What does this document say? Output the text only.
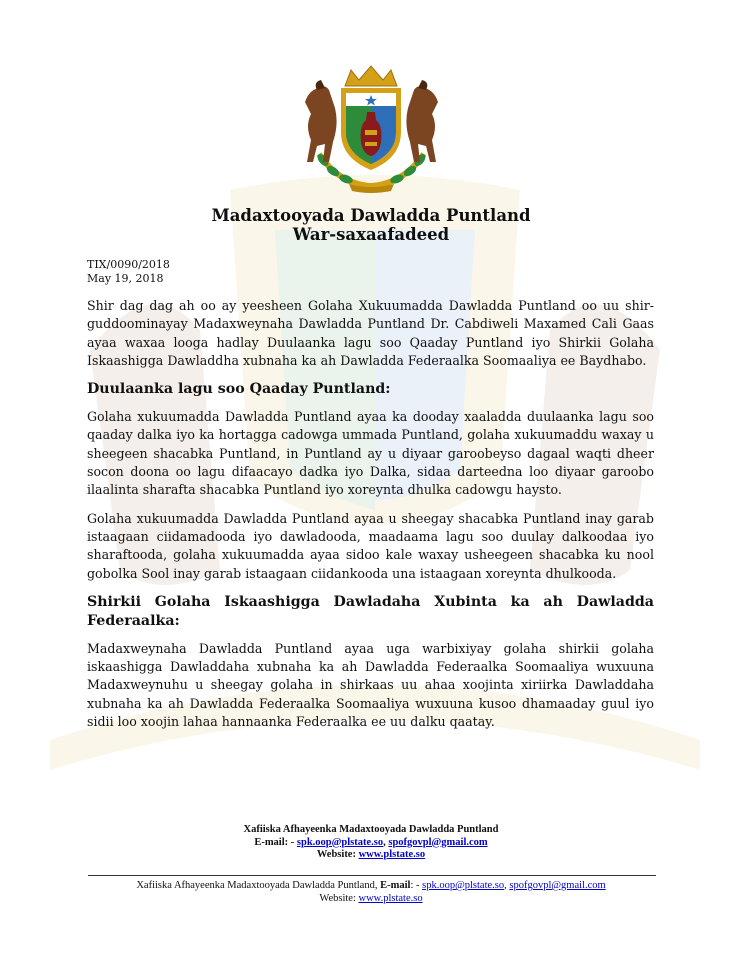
Madaxtooyada Dawladda Puntland
War-saxaafadeed
TIX/0090/2018
May 19, 2018

Shir dag dag ah oo ay yeesheen Golaha Xukuumadda Dawladda Puntland oo uu shir-guddoominayay Madaxweynaha Dawladda Puntland Dr. Cabdiweli Maxamed Cali Gaas ayaa waxaa looga hadlay Duulaanka lagu soo Qaaday Puntland iyo Shirkii Golaha Iskaashigga Dawladdha xubnaha ka ah Dawladda Federaalka Soomaaliya ee Baydhabo.

Duulaanka lagu soo Qaaday Puntland:

Golaha xukuumadda Dawladda Puntland ayaa ka dooday xaaladda duulaanka lagu soo qaaday dalka iyo ka hortagga cadowga ummada Puntland, golaha xukuumaddu waxay u sheegeen shacabka Puntland, in Puntland ay u diyaar garoobeyso dagaal waqti dheer socon doona oo lagu difaacayo dadka iyo Dalka, sidaa darteedna loo diyaar garoobo ilaalinta sharafta shacabka Puntland iyo xoreynta dhulka cadowgu haysto.

Golaha xukuumadda Dawladda Puntland ayaa u sheegay shacabka Puntland inay garab istaagaan ciidamadooda iyo dawladooda, maadaama lagu soo duulay dalkoodaa iyo sharaftooda, golaha xukuumadda ayaa sidoo kale waxay usheegeen shacabka ku nool gobolka Sool inay garab istaagaan ciidankooda una istaagaan xoreynta dhulkooda.

Shirkii Golaha Iskaashigga Dawladaha Xubinta ka ah Dawladda Federaalka:

Madaxweynaha Dawladda Puntland ayaa uga warbixiyay golaha shirkii golaha iskaashigga Dawladdaha xubnaha ka ah Dawladda Federaalka Soomaaliya wuxuuna Madaxweynuhu u sheegay golaha in shirkaas uu ahaa xoojinta xiriirka Dawladdaha xubnaha ka ah Dawladda Federaalka Soomaaliya wuxuuna kusoo dhamaaday guul iyo sidii loo xoojin lahaa hannaanka Federaalka ee uu dalku qaatay.

Xafiiska Afhayeenka Madaxtooyada Dawladda Puntland
E-mail: - spk.oop@plstate.so, spofgovpl@gmail.com
Website: www.plstate.so
Xafiiska Afhayeenka Madaxtooyada Dawladda Puntland, E-mail: - spk.oop@plstate.so, spofgovpl@gmail.com
Website: www.plstate.so
